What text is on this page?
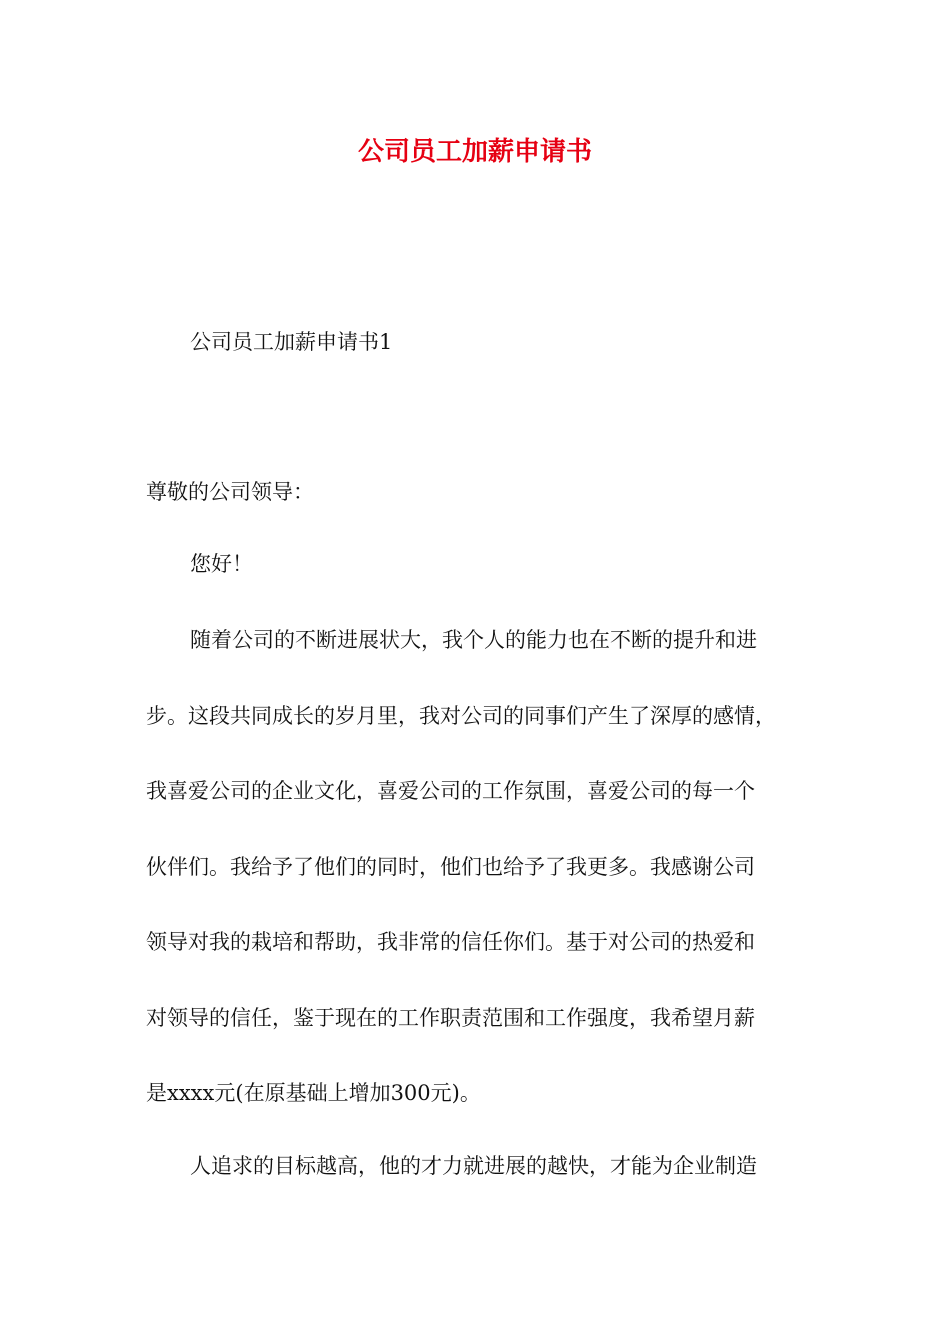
公司员工加薪申请书

公司员工加薪申请书1

尊敬的公司领导：

您好！

随着公司的不断进展状大，我个人的能力也在不断的提升和进
步。这段共同成长的岁月里，我对公司的同事们产生了深厚的感情，
我喜爱公司的企业文化，喜爱公司的工作氛围，喜爱公司的每一个
伙伴们。我给予了他们的同时，他们也给予了我更多。我感谢公司
领导对我的栽培和帮助，我非常的信任你们。基于对公司的热爱和
对领导的信任，鉴于现在的工作职责范围和工作强度，我希望月薪
是xxxx元(在原基础上增加300元)。
人追求的目标越高，他的才力就进展的越快，才能为企业制造
